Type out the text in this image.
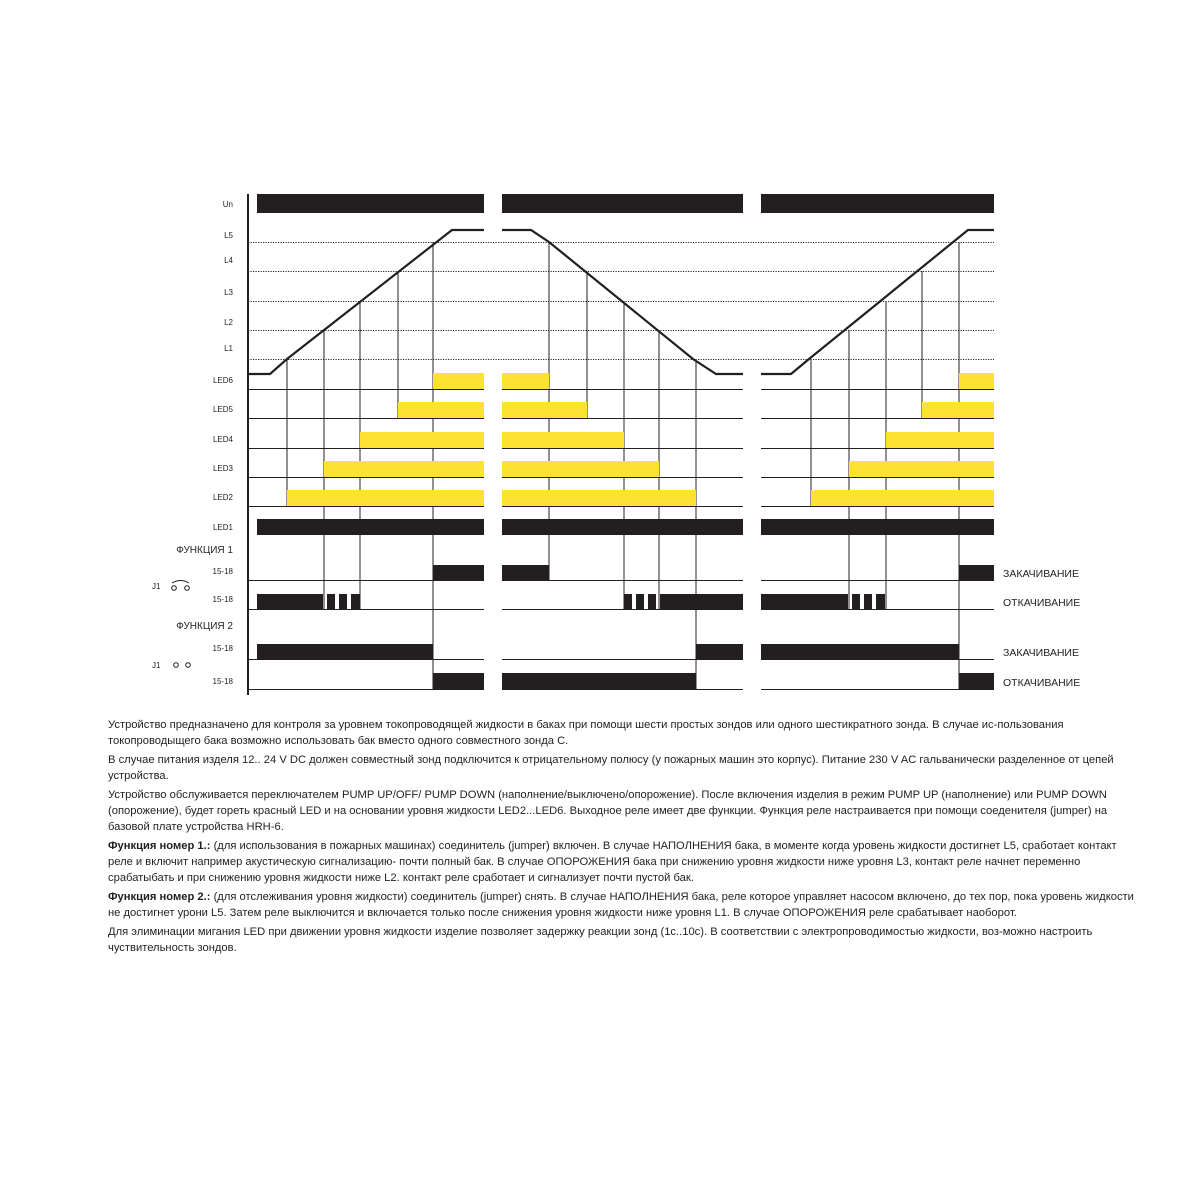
Un
L5
L4
L3
L2
L1
LED6
LED5
LED4
LED3
LED2
LED1
ФУНКЦИЯ 1
15-18
15-18
ФУНКЦИЯ 2
15-18
15-18
J1
J1
ЗАКАЧИВАНИЕ
ОТКАЧИВАНИЕ
ЗАКАЧИВАНИЕ
ОТКАЧИВАНИЕ

Устройство предназначено для контроля за уровнем токопроводящей жидкости в баках при помощи шести простых зондов или одного шестикратного зонда. В случае ис-пользования токопроводыщего бака возможно использовать бак вместо одного совместного зонда C.

В случае питания изделя 12.. 24 V DC должен совместный зонд подключится к отрицательному полюсу (у пожарных машин это корпус). Питание 230 V AC гальванически разделенное от цепей устройства.

Устройство обслуживается переключателем PUMP UP/OFF/ PUMP DOWN (наполнение/выключено/опорожение). После включения изделия в режим PUMP UP (наполнение) или PUMP DOWN (опорожение), будет гореть красный LED и на основании уровня жидкости LED2...LED6. Выходное реле имеет две функции. Функция реле настраивается при помощи соеденителя (jumper) на базовой плате устройства HRH-6.

Функция номер 1.: (для использования в пожарных машинах) соединитель (jumper) включен. В случае НАПОЛНЕНИЯ бака, в моменте когда уровень жидкости достигнет L5, сработает контакт реле и включит например акустическую сигнализацию- почти полный бак. В случае ОПОРОЖЕНИЯ бака при снижению уровня жидкости ниже уровня L3, контакт реле начнет переменно срабатыбать и при снижению уровня жидкости ниже L2. контакт реле сработает и сигнализует почти пустой бак.

Функция номер 2.: (для отслеживания уровня жидкости) соединитель (jumper) снять. В случае НАПОЛНЕНИЯ бака, реле которое управляет насосом включено, до тех пор, пока уровень жидкости не достигнет урони L5. Затем реле выключится и включается только после снижения уровня жидкости ниже уровня L1. В случае ОПОРОЖЕНИЯ реле срабатывает наоборот.

Для элиминации мигания LED при движении уровня жидкости изделие позволяет задержку реакции зонд (1с..10с). В соответствии с электропроводимостью жидкости, воз-можно настроить чуствительность зондов.
